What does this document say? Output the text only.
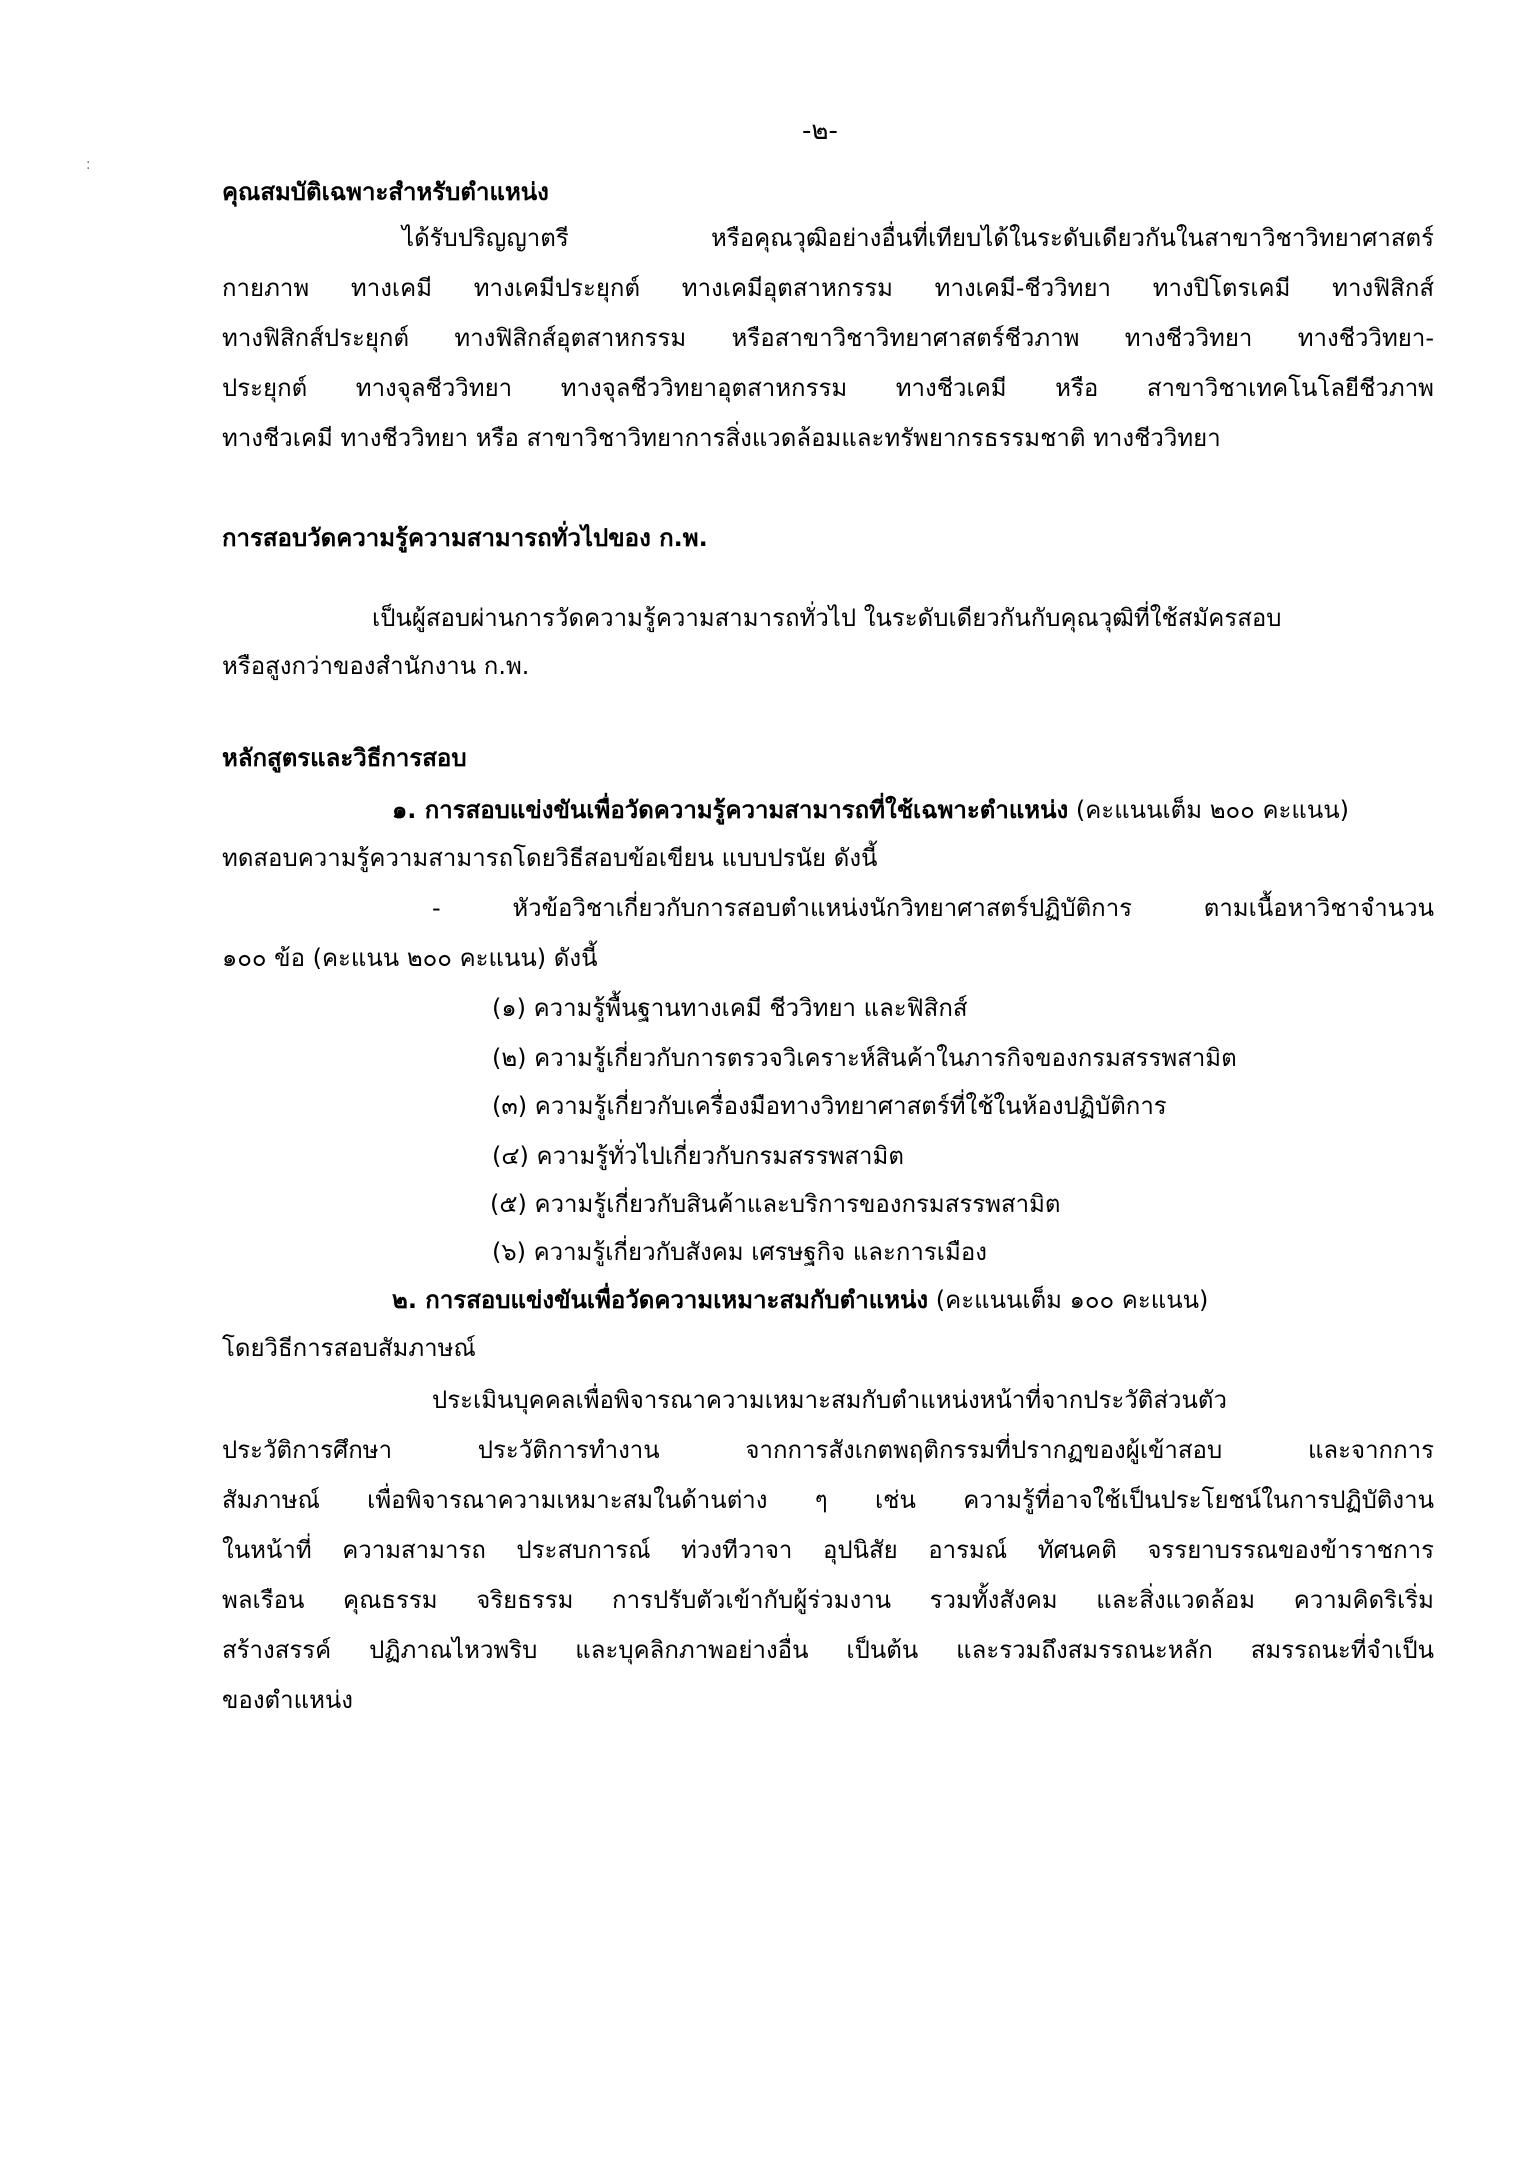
· ·
-๒-
คุณสมบัติเฉพาะสำหรับตำแหน่ง
ได้รับปริญญาตรี หรือคุณวุฒิอย่างอื่นที่เทียบได้ในระดับเดียวกันในสาขาวิชาวิทยาศาสตร์
กายภาพ ทางเคมี ทางเคมีประยุกต์ ทางเคมีอุตสาหกรรม ทางเคมี-ชีววิทยา ทางปิโตรเคมี ทางฟิสิกส์
ทางฟิสิกส์ประยุกต์ ทางฟิสิกส์อุตสาหกรรม หรือสาขาวิชาวิทยาศาสตร์ชีวภาพ ทางชีววิทยา ทางชีววิทยา-
ประยุกต์ ทางจุลชีววิทยา ทางจุลชีววิทยาอุตสาหกรรม ทางชีวเคมี หรือ สาขาวิชาเทคโนโลยีชีวภาพ
ทางชีวเคมี ทางชีววิทยา หรือ สาขาวิชาวิทยาการสิ่งแวดล้อมและทรัพยากรธรรมชาติ ทางชีววิทยา
การสอบวัดความรู้ความสามารถทั่วไปของ ก.พ.
เป็นผู้สอบผ่านการวัดความรู้ความสามารถทั่วไป ในระดับเดียวกันกับคุณวุฒิที่ใช้สมัครสอบ
หรือสูงกว่าของสำนักงาน ก.พ.
หลักสูตรและวิธีการสอบ
๑. การสอบแข่งขันเพื่อวัดความรู้ความสามารถที่ใช้เฉพาะตำแหน่ง (คะแนนเต็ม ๒๐๐ คะแนน)
ทดสอบความรู้ความสามารถโดยวิธีสอบข้อเขียน แบบปรนัย ดังนี้
- หัวข้อวิชาเกี่ยวกับการสอบตำแหน่งนักวิทยาศาสตร์ปฏิบัติการ ตามเนื้อหาวิชาจำนวน
๑๐๐ ข้อ (คะแนน ๒๐๐ คะแนน) ดังนี้
(๑) ความรู้พื้นฐานทางเคมี ชีววิทยา และฟิสิกส์
(๒) ความรู้เกี่ยวกับการตรวจวิเคราะห์สินค้าในภารกิจของกรมสรรพสามิต
(๓) ความรู้เกี่ยวกับเครื่องมือทางวิทยาศาสตร์ที่ใช้ในห้องปฏิบัติการ
(๔) ความรู้ทั่วไปเกี่ยวกับกรมสรรพสามิต
(๕) ความรู้เกี่ยวกับสินค้าและบริการของกรมสรรพสามิต
(๖) ความรู้เกี่ยวกับสังคม เศรษฐกิจ และการเมือง
๒. การสอบแข่งขันเพื่อวัดความเหมาะสมกับตำแหน่ง (คะแนนเต็ม ๑๐๐ คะแนน)
โดยวิธีการสอบสัมภาษณ์
ประเมินบุคคลเพื่อพิจารณาความเหมาะสมกับตำแหน่งหน้าที่จากประวัติส่วนตัว
ประวัติการศึกษา ประวัติการทำงาน จากการสังเกตพฤติกรรมที่ปรากฏของผู้เข้าสอบ และจากการ
สัมภาษณ์ เพื่อพิจารณาความเหมาะสมในด้านต่าง ๆ เช่น ความรู้ที่อาจใช้เป็นประโยชน์ในการปฏิบัติงาน
ในหน้าที่ ความสามารถ ประสบการณ์ ท่วงทีวาจา อุปนิสัย อารมณ์ ทัศนคติ จรรยาบรรณของข้าราชการ
พลเรือน คุณธรรม จริยธรรม การปรับตัวเข้ากับผู้ร่วมงาน รวมทั้งสังคม และสิ่งแวดล้อม ความคิดริเริ่ม
สร้างสรรค์ ปฏิภาณไหวพริบ และบุคลิกภาพอย่างอื่น เป็นต้น และรวมถึงสมรรถนะหลัก สมรรถนะที่จำเป็น
ของตำแหน่ง
